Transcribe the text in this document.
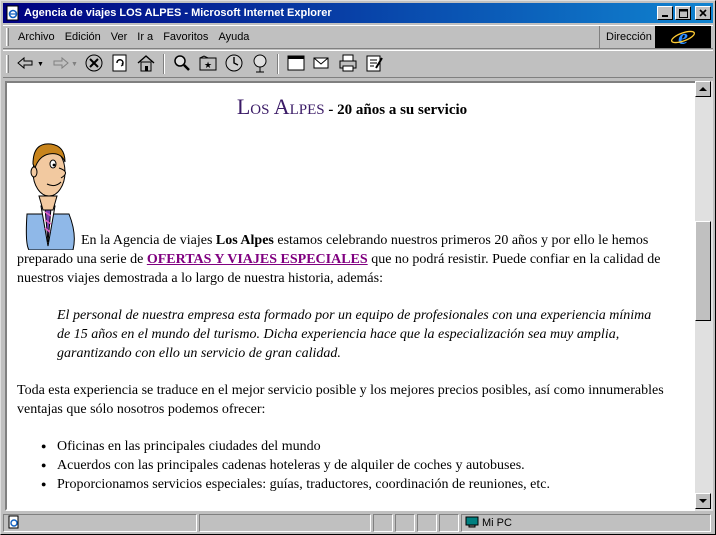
Agencia de viajes LOS ALPES - Microsoft Internet Explorer
Archivo Edición Ver Ir a Favoritos Ayuda	Dirección e
▼	▼	★
Los Alpes - 20 años a su servicio
En la Agencia de viajes Los Alpes estamos celebrando nuestros primeros 20 años y por ello le hemos preparado una serie de OFERTAS Y VIAJES ESPECIALES que no podrá resistir. Puede confiar en la calidad de nuestros viajes demostrada a lo largo de nuestra historia, además:
El personal de nuestra empresa esta formado por un equipo de profesionales con una experiencia mínima de 15 años en el mundo del turismo. Dicha experiencia hace que la especialización sea muy amplia, garantizando con ello un servicio de gran calidad.
Toda esta experiencia se traduce en el mejor servicio posible y los mejores precios posibles, así como innumerables ventajas que sólo nosotros podemos ofrecer:
● Oficinas en las principales ciudades del mundo
● Acuerdos con las principales cadenas hoteleras y de alquiler de coches y autobuses.
● Proporcionamos servicios especiales: guías, traductores, coordinación de reuniones, etc.
Mi PC
